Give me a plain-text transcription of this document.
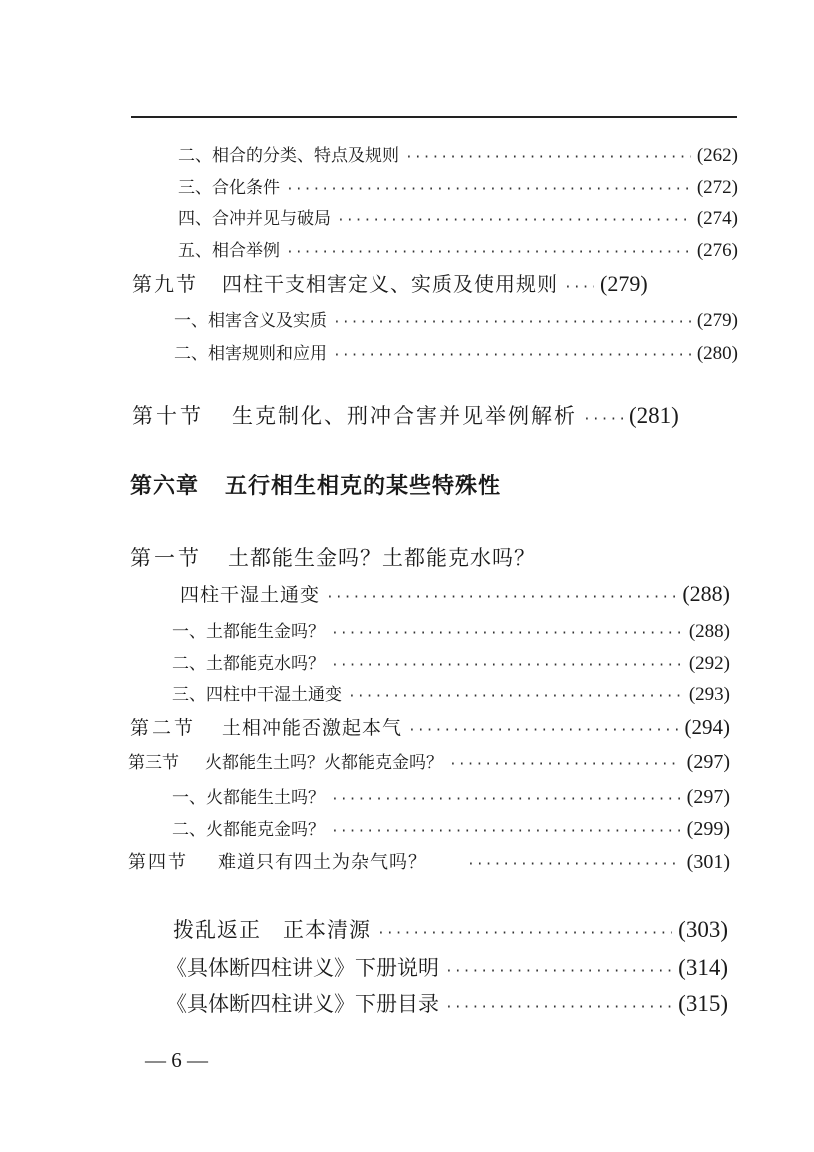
二、相合的分类、特点及规则 ·····	(262)
三、合化条件 ·····	(272)
四、合冲并见与破局 ·····	(274)
五、相合举例 ·····	(276)
第九节 四柱干支相害定义、实质及使用规则 ····· (279)
一、相害含义及实质 ·····	(279)
二、相害规则和应用 ·····	(280)
第十节 生克制化、刑冲合害并见举例解析 ····· (281)
第六章 五行相生相克的某些特殊性
第一节 土都能生金吗？土都能克水吗？
四柱干湿土通变 ·····	(288)
一、土都能生金吗？ ·····	(288)
二、土都能克水吗？ ·····	(292)
三、四柱中干湿土通变 ·····	(293)
第二节 土相冲能否激起本气 ·····	(294)
第三节 火都能生土吗？火都能克金吗？ ·····	(297)
一、火都能生土吗？ ·····	(297)
二、火都能克金吗？ ·····	(299)
第四节 难道只有四土为杂气吗？ ·····	(301)
拨乱返正　正本清源 ·····	(303)
《具体断四柱讲义》下册说明 ·····	(314)
《具体断四柱讲义》下册目录 ·····	(315)
— 6 —
